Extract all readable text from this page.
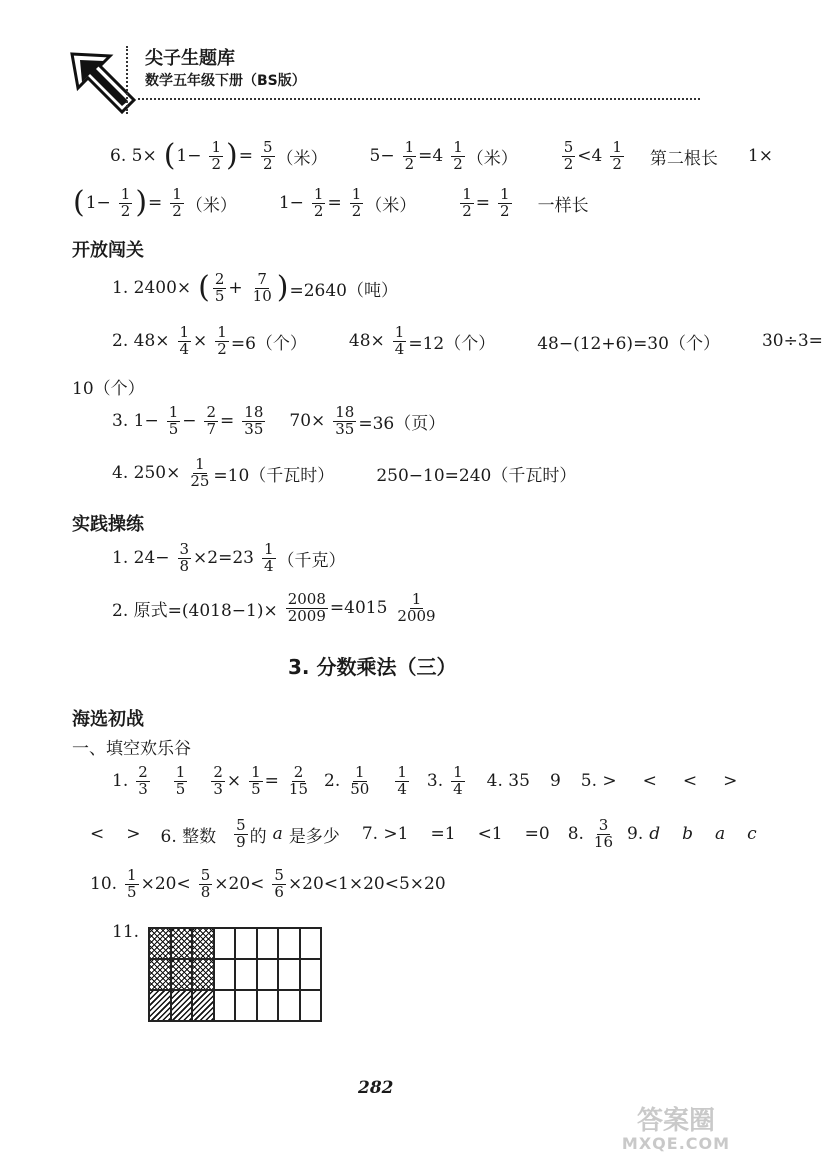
尖子生题库
数学五年级下册（BS版）
6. 5× ( $1- \frac{1}{2}$ ) = $\frac{5}{2}$ （米） $5- \frac{1}{2} =4 \frac{1}{2}$ （米）	$\frac{5}{2} <4 \frac{1}{2}$ 第二根长 1×
( $1- \frac{1}{2}$ ) = $\frac{1}{2}$ （米） $1- \frac{1}{2} = \frac{1}{2}$ （米）	$\frac{1}{2} = \frac{1}{2}$ 一样长
开放闯关
1. 2400× ( $\frac{2}{5} + \frac{7}{10}$ ) =2640（吨）
2. $48\times \frac{1}{4} \times \frac{1}{2} =6$（个） $48\times \frac{1}{4} =12$（个） 48−(12+6)=30（个） 30÷3=
10（个）
3. $1- \frac{1}{5} - \frac{2}{7} = \frac{18}{35} 70\times \frac{18}{35} =36$（页）
4. $250\times \frac{1}{25} =10$（千瓦时） 250−10=240（千瓦时）
实践操练
1. $24- \frac{3}{8} \times 2=23 \frac{1}{4}$ （千克）
2. 原式$=(4018-1)\times \frac{2008}{2009} =4015 \frac{1}{2009}$
3. 分数乘法（三）
海选初战
一、填空欢乐谷
1. $\frac{2}{3} \frac{1}{5} \frac{2}{3} \times \frac{1}{5} = \frac{2}{15} 2$. $\frac{1}{50} \frac{1}{4} 3$. $\frac{1}{4} 4$. 35 9 5. > < < >
< > 6. 整数 $\frac{5}{9}$ 的 a 是多少 7. >1 =1 <1 =0 8. $\frac{3}{16} 9$. d b a c
10. $\frac{1}{5} \times 20< \frac{5}{8} \times 20< \frac{5}{6} \times 20<1\times 20<5\times 20$
11.
282
答案圈
MXQE.COM
